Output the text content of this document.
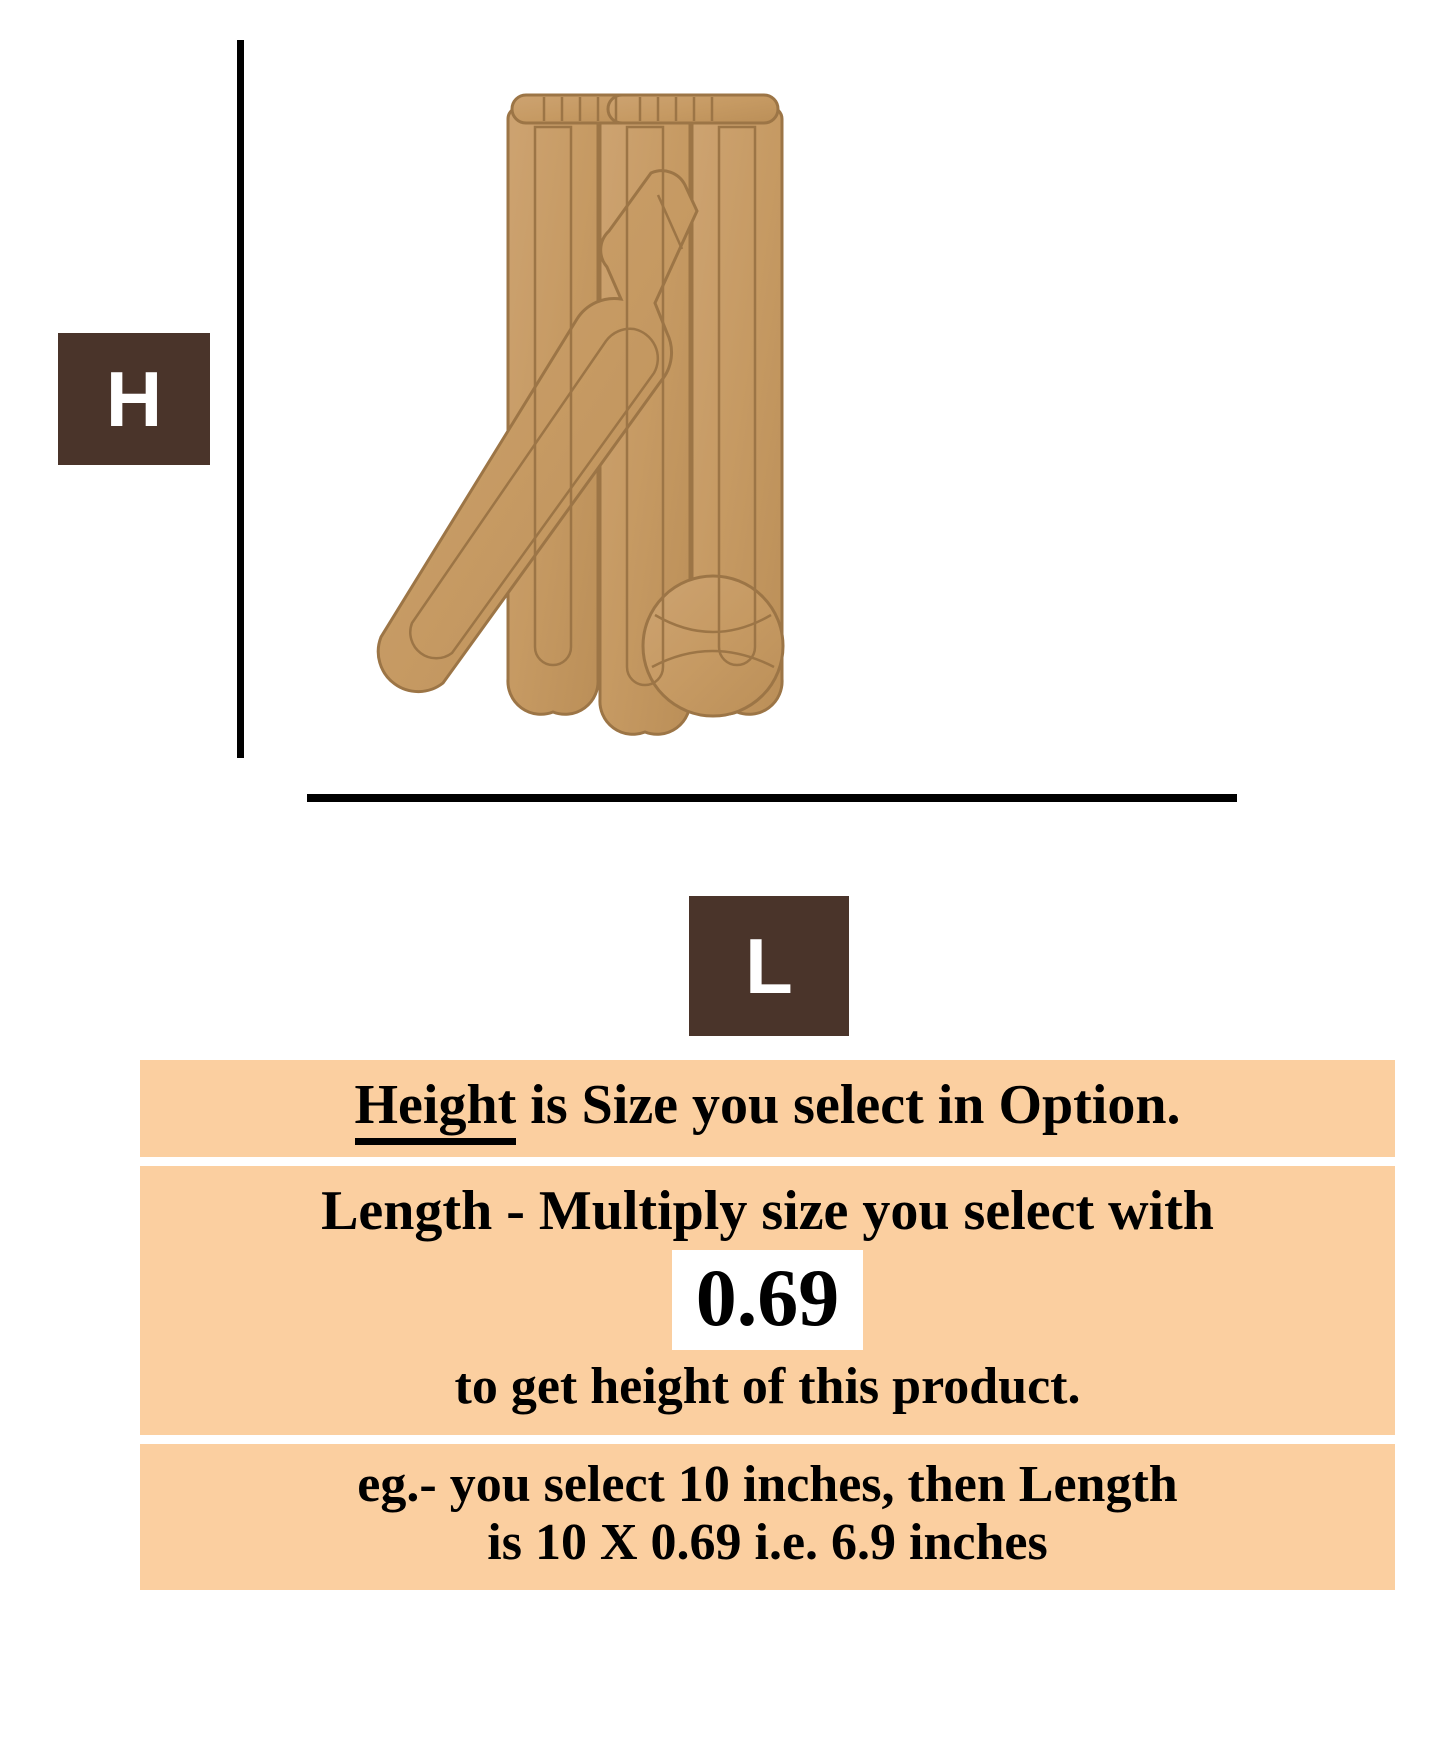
H
L
Height is Size you select in Option.
Length - Multiply size you select with
0.69
to get height of this product.
eg.- you select 10 inches, then Length
is 10 X 0.69 i.e. 6.9 inches
